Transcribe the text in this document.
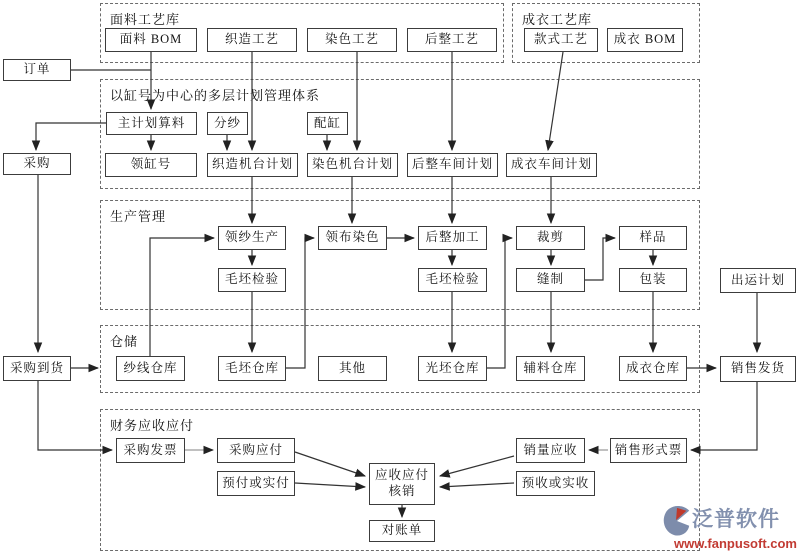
面料工艺库	成衣工艺库
以缸号为中心的多层计划管理体系
生产管理
仓储
财务应收应付
面料 BOM	织造工艺	染色工艺	后整工艺	款式工艺 成衣 BOM
订单
主计划算料 分纱	配缸
采购	领缸号	织造机台计划 染色机台计划 后整车间计划 成衣车间计划
领纱生产	领布染色	后整加工	裁剪	样品
毛坯检验	毛坯检验	缝制	包装	出运计划
采购到货	纱线仓库	毛坯仓库	其他	光坯仓库	辅料仓库	成衣仓库	销售发货
采购发票	采购应付
预付或实付
应收应付
核销
对账单
销量应收
预收或实收
销售形式票
泛普软件
www.fanpusoft.com
